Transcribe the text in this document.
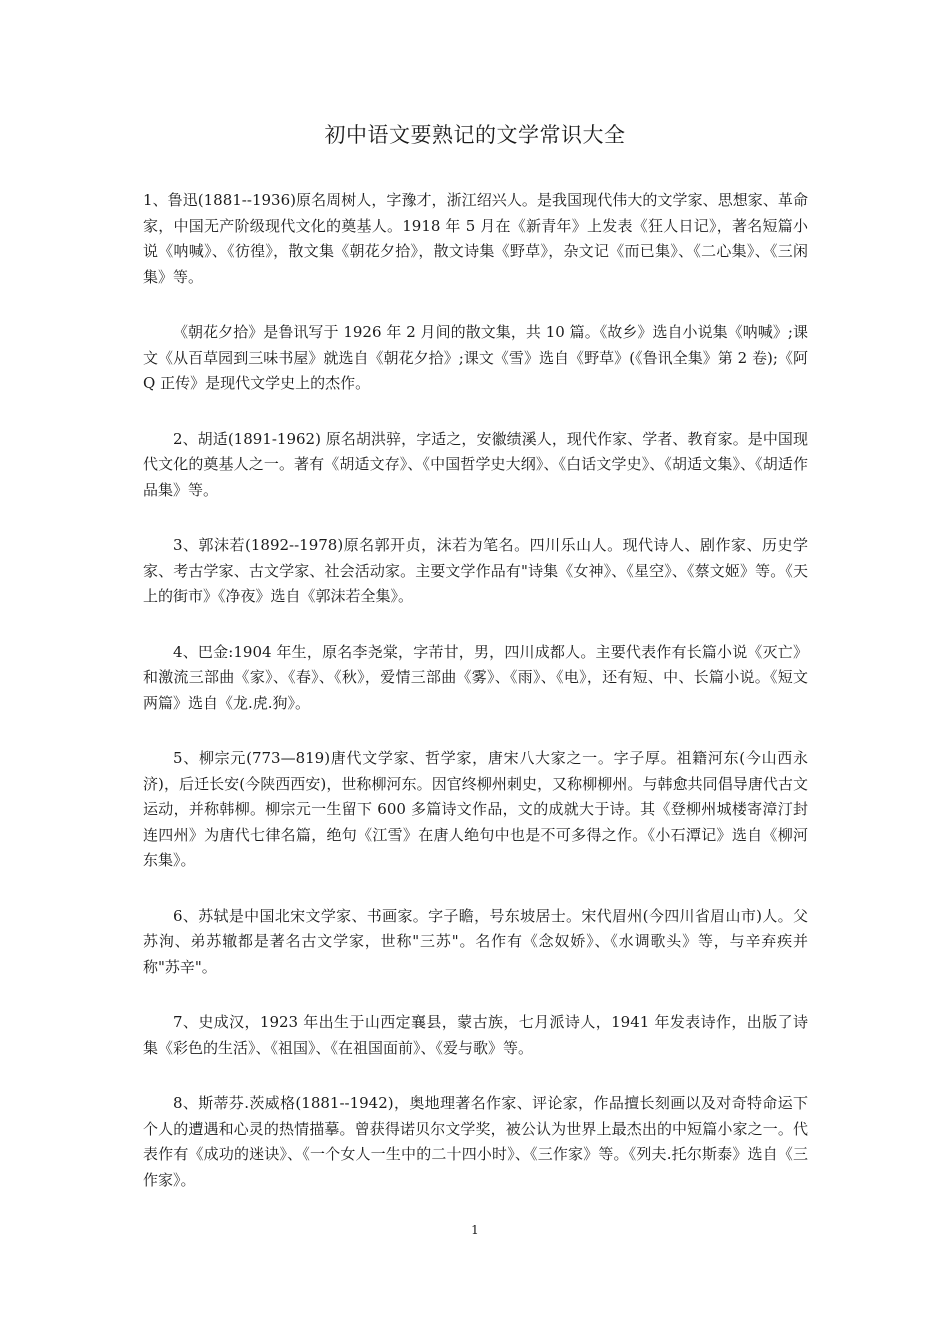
初中语文要熟记的文学常识大全

1、鲁迅(1881--1936)原名周树人，字豫才，浙江绍兴人。是我国现代伟大的文学家、思想家、革命家，中国无产阶级现代文化的奠基人。1918 年 5 月在《新青年》上发表《狂人日记》，著名短篇小说《呐喊》、《彷徨》，散文集《朝花夕拾》，散文诗集《野草》，杂文记《而已集》、《二心集》、《三闲集》等。

《朝花夕拾》是鲁讯写于 1926 年 2 月间的散文集，共 10 篇。《故乡》选自小说集《呐喊》;课文《从百草园到三味书屋》就选自《朝花夕拾》;课文《雪》选自《野草》(《鲁讯全集》第 2 卷);《阿 Q 正传》是现代文学史上的杰作。

2、胡适(1891-1962) 原名胡洪骍，字适之，安徽绩溪人，现代作家、学者、教育家。是中国现代文化的奠基人之一。著有《胡适文存》、《中国哲学史大纲》、《白话文学史》、《胡适文集》、《胡适作品集》等。

3、郭沫若(1892--1978)原名郭开贞，沫若为笔名。四川乐山人。现代诗人、剧作家、历史学家、考古学家、古文学家、社会活动家。主要文学作品有"诗集《女神》、《星空》、《蔡文姬》等。《天上的街市》《净夜》选自《郭沫若全集》。

4、巴金:1904 年生，原名李尧棠，字芾甘，男，四川成都人。主要代表作有长篇小说《灭亡》和激流三部曲《家》、《春》、《秋》，爱情三部曲《雾》、《雨》、《电》，还有短、中、长篇小说。《短文两篇》选自《龙.虎.狗》。

5、柳宗元(773—819)唐代文学家、哲学家，唐宋八大家之一。字子厚。祖籍河东(今山西永济)，后迁长安(今陕西西安)，世称柳河东。因官终柳州刺史，又称柳柳州。与韩愈共同倡导唐代古文运动，并称韩柳。柳宗元一生留下 600 多篇诗文作品，文的成就大于诗。其《登柳州城楼寄漳汀封连四州》为唐代七律名篇，绝句《江雪》在唐人绝句中也是不可多得之作。《小石潭记》选自《柳河东集》。

6、苏轼是中国北宋文学家、书画家。字子瞻，号东坡居士。宋代眉州(今四川省眉山市)人。父苏洵、弟苏辙都是著名古文学家，世称"三苏"。名作有《念奴娇》、《水调歌头》等，与辛弃疾并称"苏辛"。

7、史成汉，1923 年出生于山西定襄县，蒙古族，七月派诗人，1941 年发表诗作，出版了诗集《彩色的生活》、《祖国》、《在祖国面前》、《爱与歌》等。

8、斯蒂芬.茨威格(1881--1942)，奥地理著名作家、评论家，作品擅长刻画以及对奇特命运下个人的遭遇和心灵的热情描摹。曾获得诺贝尔文学奖，被公认为世界上最杰出的中短篇小家之一。代表作有《成功的迷诀》、《一个女人一生中的二十四小时》、《三作家》等。《列夫.托尔斯泰》选自《三作家》。

1
